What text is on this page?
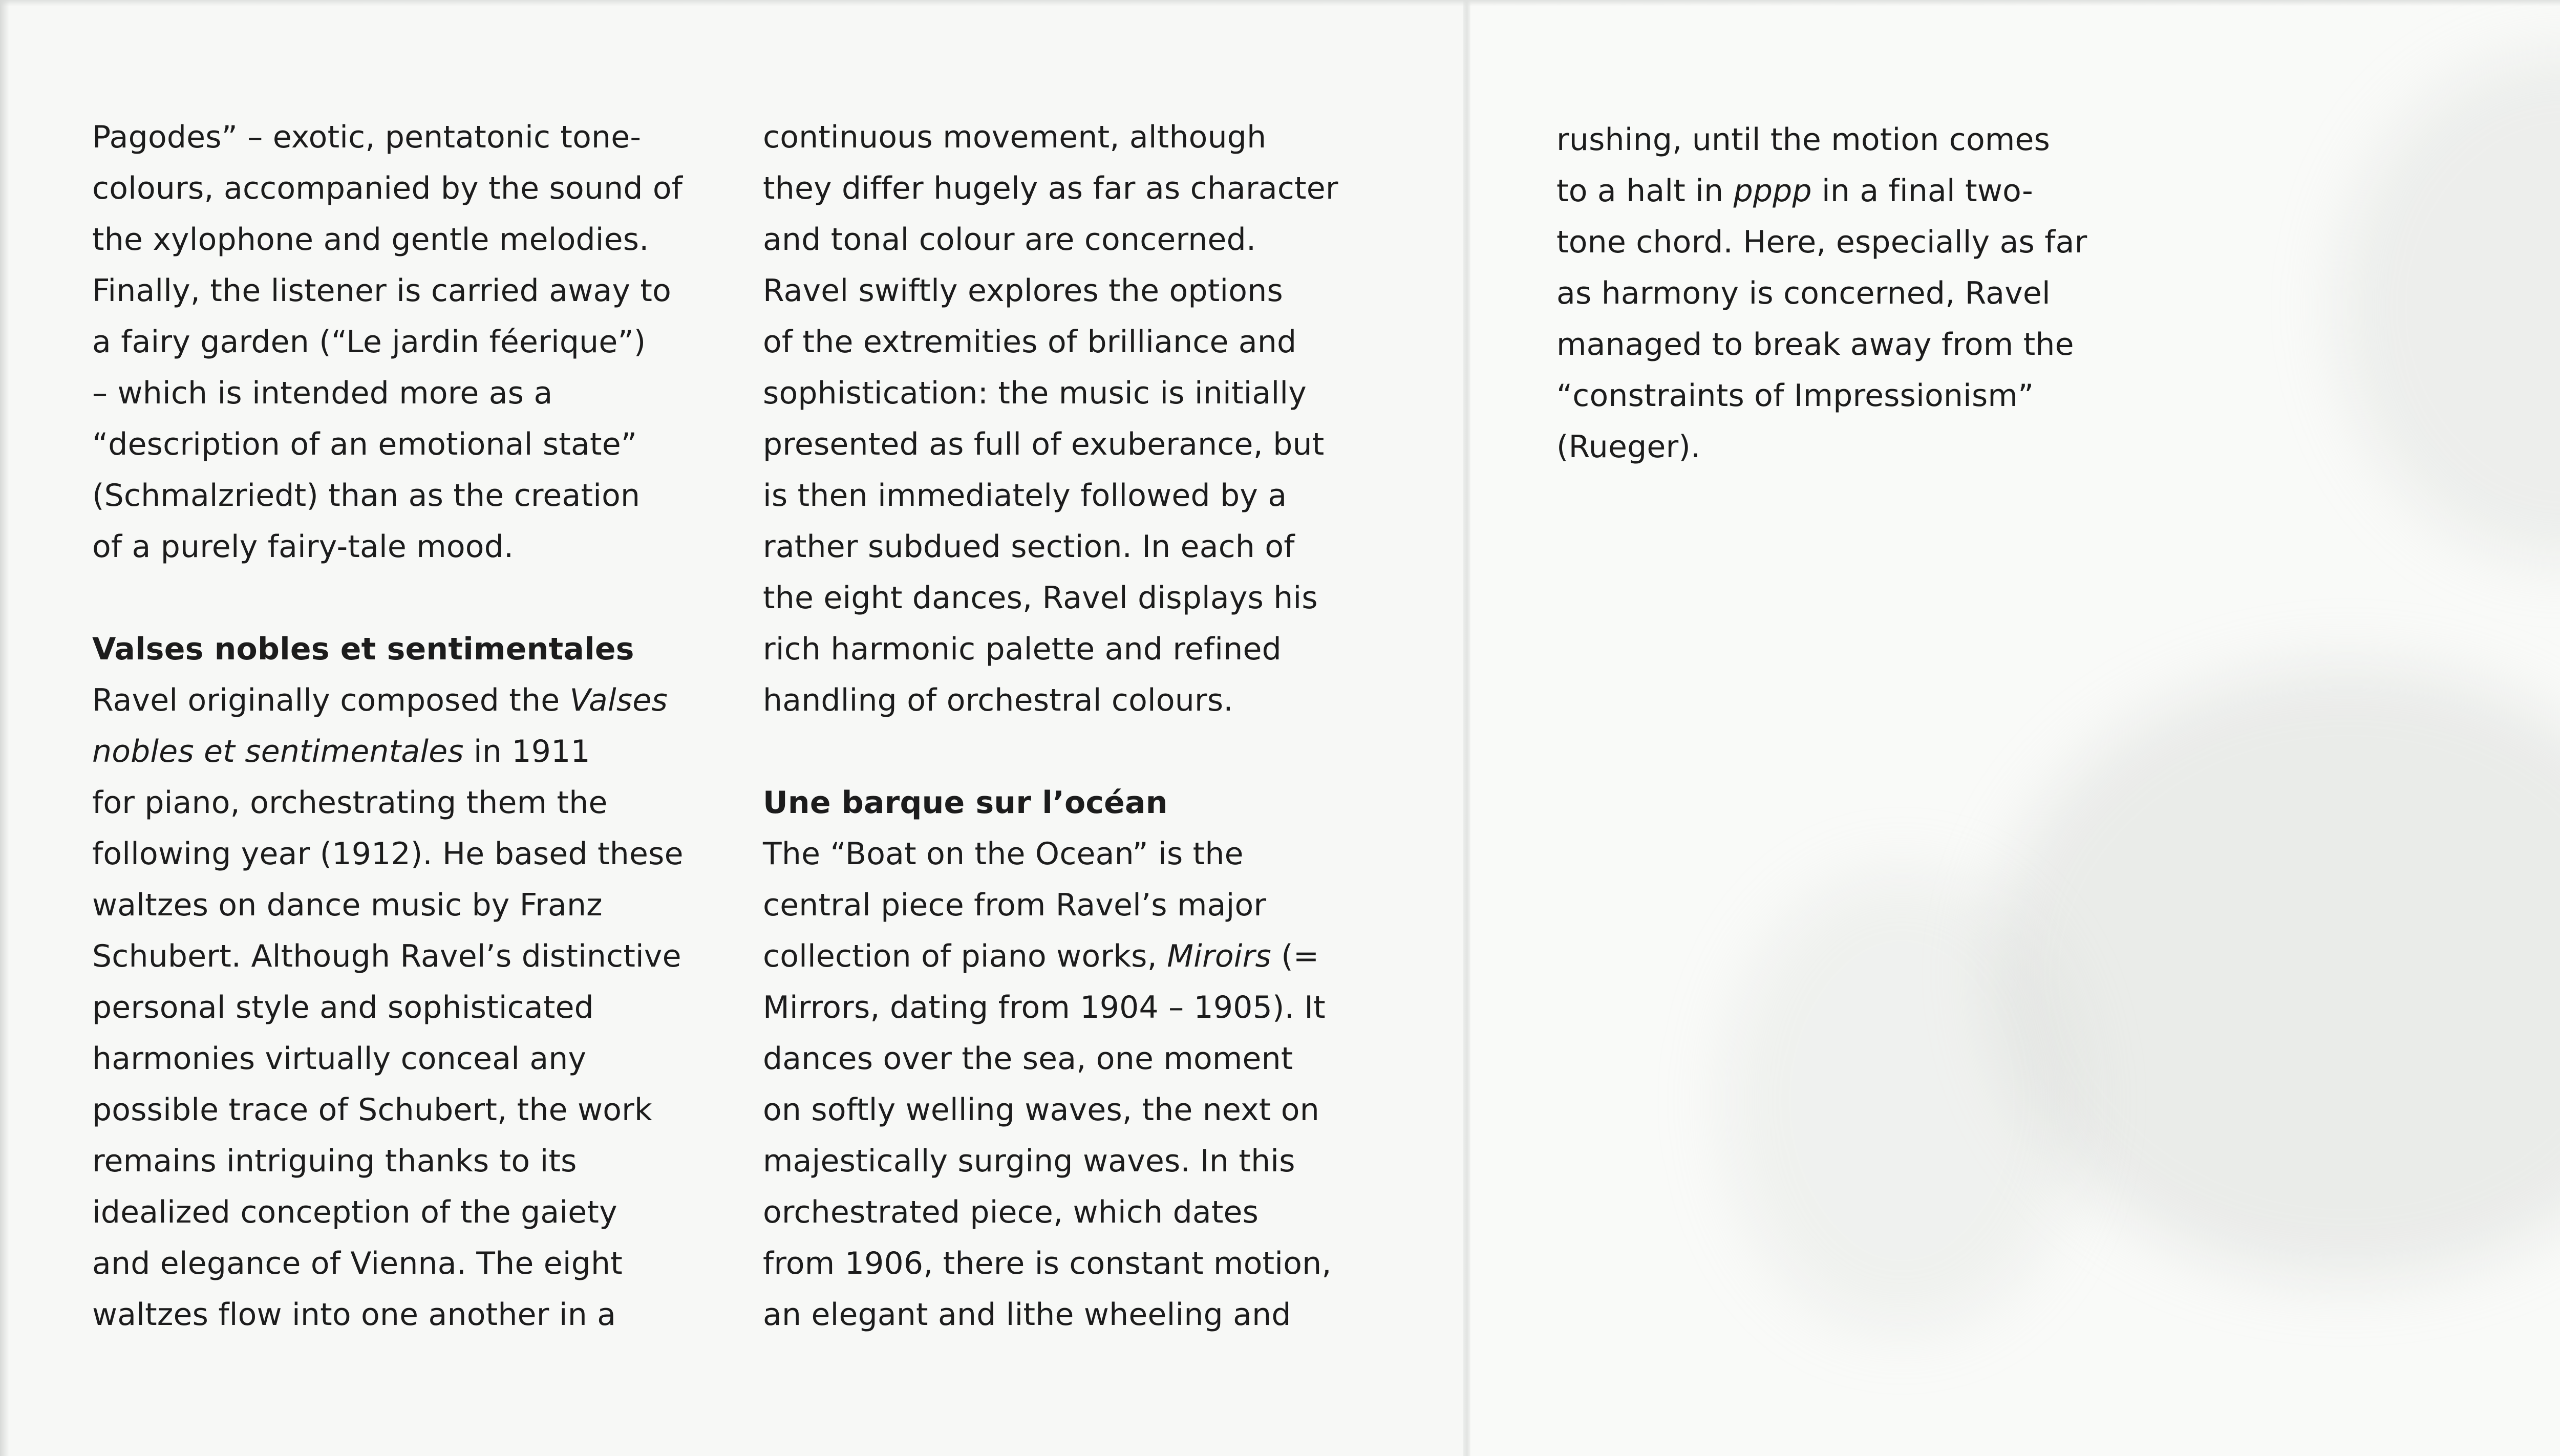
Pagodes” – exotic, pentatonic tone-

colours, accompanied by the sound of

the xylophone and gentle melodies.

Finally, the listener is carried away to

a fairy garden (“Le jardin féerique”)

– which is intended more as a

“description of an emotional state”

(Schmalzriedt) than as the creation

of a purely fairy-tale mood.

Valses nobles et sentimentales

Ravel originally composed the Valses

nobles et sentimentales in 1911

for piano, orchestrating them the

following year (1912). He based these

waltzes on dance music by Franz

Schubert. Although Ravel’s distinctive

personal style and sophisticated

harmonies virtually conceal any

possible trace of Schubert, the work

remains intriguing thanks to its

idealized conception of the gaiety

and elegance of Vienna. The eight

waltzes flow into one another in a

continuous movement, although

they differ hugely as far as character

and tonal colour are concerned.

Ravel swiftly explores the options

of the extremities of brilliance and

sophistication: the music is initially

presented as full of exuberance, but

is then immediately followed by a

rather subdued section. In each of

the eight dances, Ravel displays his

rich harmonic palette and refined

handling of orchestral colours.

Une barque sur l’océan

The “Boat on the Ocean” is the

central piece from Ravel’s major

collection of piano works, Miroirs (=

Mirrors, dating from 1904 – 1905). It

dances over the sea, one moment

on softly welling waves, the next on

majestically surging waves. In this

orchestrated piece, which dates

from 1906, there is constant motion,

an elegant and lithe wheeling and

rushing, until the motion comes

to a halt in pppp in a final two-

tone chord. Here, especially as far

as harmony is concerned, Ravel

managed to break away from the

“constraints of Impressionism”

(Rueger).
